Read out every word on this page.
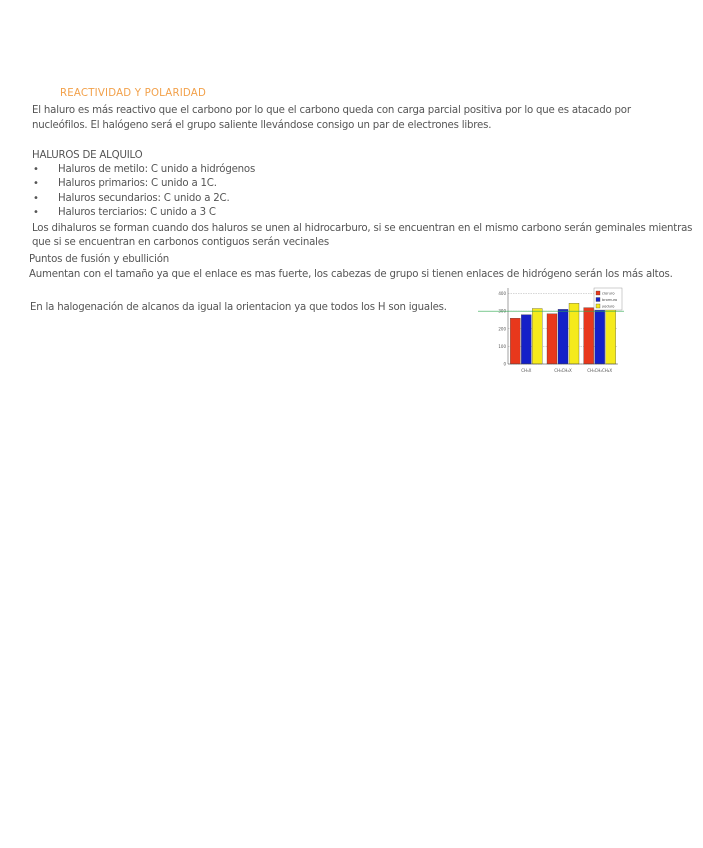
REACTIVIDAD Y POLARIDAD
El haluro es más reactivo que el carbono por lo que el carbono queda con carga parcial positiva por lo que es atacado por
nucleófilos. El halógeno será el grupo saliente llevándose consigo un par de electrones libres.
HALUROS DE ALQUILO
• Haluros de metilo: C unido a hidrógenos
• Haluros primarios: C unido a 1C.
• Haluros secundarios: C unido a 2C.
• Haluros terciarios: C unido a 3 C
Los dihaluros se forman cuando dos haluros se unen al hidrocarburo, si se encuentran en el mismo carbono serán geminales mientras
que si se encuentran en carbonos contiguos serán vecinales
Puntos de fusión y ebullición
Aumentan con el tamaño ya que el enlace es mas fuerte, los cabezas de grupo si tienen enlaces de hidrógeno serán los más altos.
En la halogenación de alcanos da igual la orientacion ya que todos los H son iguales.
0
100
200
300
400
CH₃X	CH₃CH₂X	CH₃CH₂CH₂X
cloruro
bromuro
yoduro
